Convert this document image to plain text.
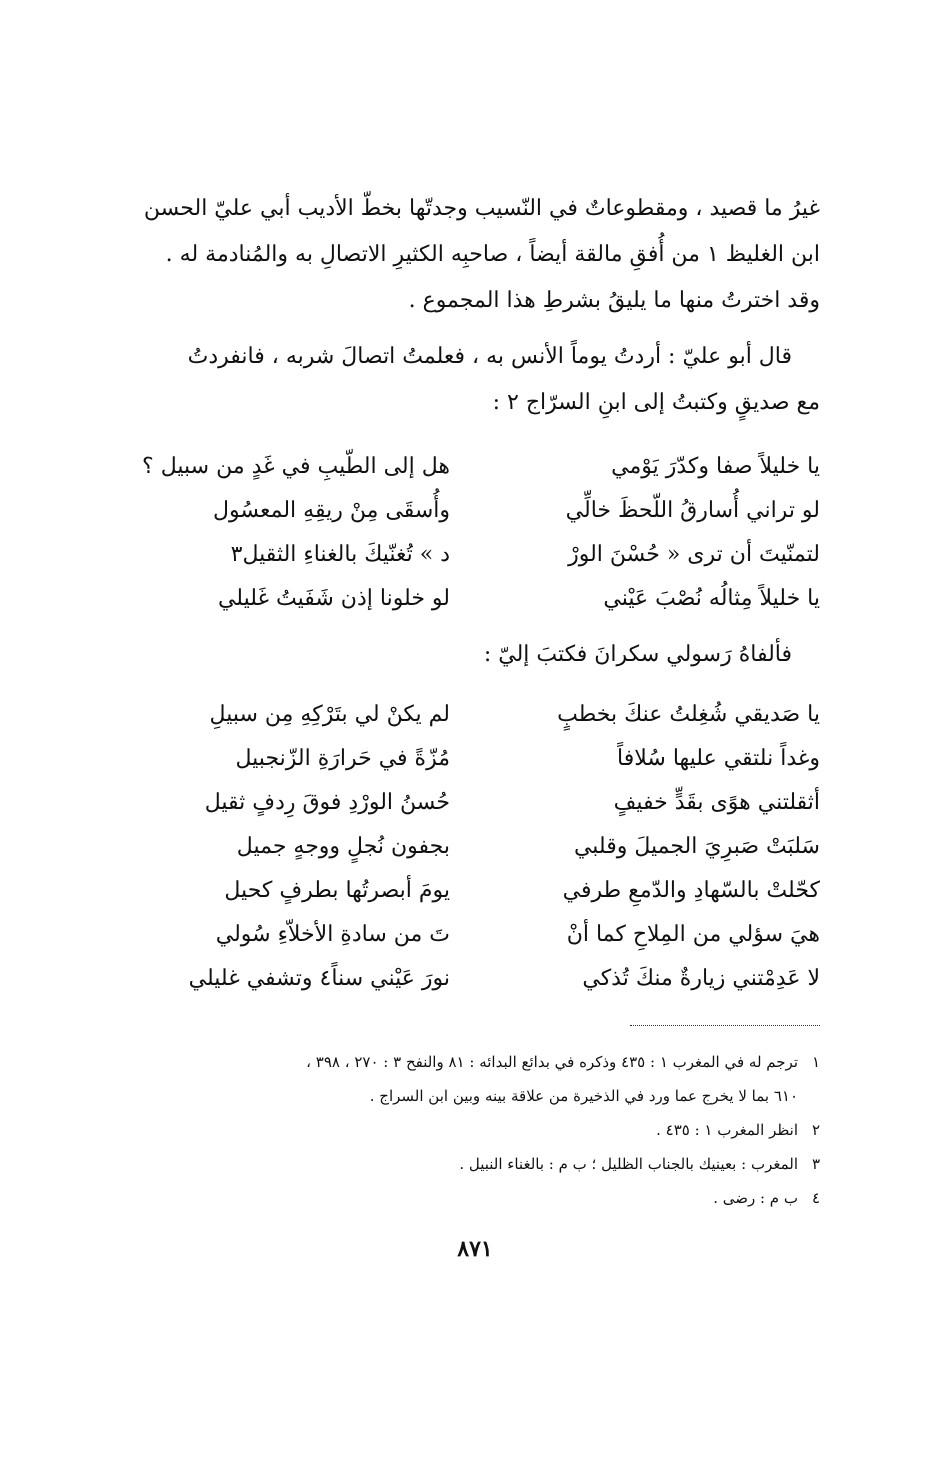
غيرُ ما قصيد ، ومقطوعاتٌ في النّسيب وجدتّها بخطّ الأديب أبي عليّ الحسن

ابن الغليظ ١ من أُفقِ مالقة أيضاً ، صاحبِه الكثيرِ الاتصالِ به والمُنادمة له .

وقد اخترتُ منها ما يليقُ بشرطِ هذا المجموع .

قال أبو عليّ : أردتُ يوماً الأنس به ، فعلمتُ اتصالَ شربه ، فانفردتُ

مع صديقٍ وكتبتُ إلى ابنِ السرّاج ٢ :

يا خليلاً صفا وكدّرَ يَوْمي
هل إلى الطّيبِ في غَدٍ من سبيل ؟
لو تراني أُسارقُ اللّحظَ خالِّي
وأُسقَى مِنْ ريقِهِ المعسُول
لتمنّيتَ أن ترى « حُسْنَ الورْ
د » تُغنّيكَ بالغناءِ الثقيل٣
يا خليلاً مِثالُه نُصْبَ عَيْني
لو خلونا إذن شَفَيتُ غَليلي

فألفاهُ رَسولي سكرانَ فكتبَ إليّ :

يا صَديقي شُغِلتُ عنكَ بخطبٍ
لم يكنْ لي بتَرْكِهِ مِن سبيلِ
وغداً نلتقي عليها سُلافاً
مُزّةً في حَرارَةِ الزّنجبيل
أثقلتني هوًى بقَدٍّ خفيفٍ
حُسنُ الورْدِ فوقَ رِدفٍ ثقيل
سَلبَتْ صَبرِيَ الجميلَ وقلبي
بجفون نُجلٍ ووجهٍ جميل
كحّلتْ بالسّهادِ والدّمعِ طرفي
يومَ أبصرتُها بطرفٍ كحيل
هيَ سؤلي من المِلاحِ كما أنْ
تَ من سادةِ الأخلاّءِ سُولي
لا عَدِمْتني زيارةٌ منكَ تُذكي
نورَ عَيْني سناً٤ وتشفي غليلي

١ترجم له في المغرب ١ : ٤٣٥ وذكره في بدائع البدائه : ٨١ والنفح ٣ : ٢٧٠ ، ٣٩٨ ،

٦١٠ بما لا يخرج عما ورد في الذخيرة من علاقة بينه وبين ابن السراج .

٢انظر المغرب ١ : ٤٣٥ .

٣المغرب : بعينيك بالجناب الظليل ؛ ب م : بالغناء النبيل .

٤ب م : رضى .

٨٧١
